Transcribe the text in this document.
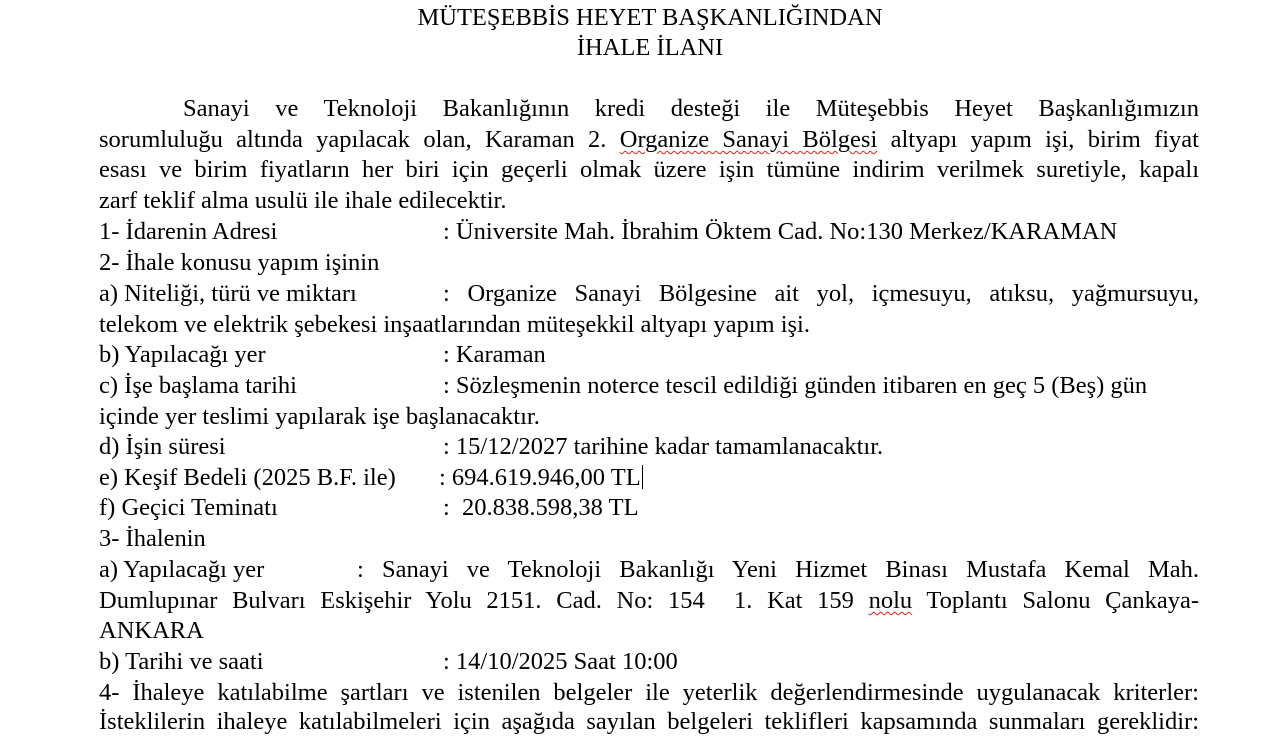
MÜTEŞEBBİS HEYET BAŞKANLIĞINDAN
İHALE İLANI
Sanayi ve Teknoloji Bakanlığının kredi desteği ile Müteşebbis Heyet Başkanlığımızın
sorumluluğu altında yapılacak olan, Karaman 2. Organize Sanayi Bölgesi altyapı yapım işi, birim fiyat
esası ve birim fiyatların her biri için geçerli olmak üzere işin tümüne indirim verilmek suretiyle, kapalı
zarf teklif alma usulü ile ihale edilecektir.
1- İdarenin Adresi	: Üniversite Mah. İbrahim Öktem Cad. No:130 Merkez/KARAMAN
2- İhale konusu yapım işinin
a) Niteliği, türü ve miktarı	: Organize Sanayi Bölgesine ait yol, içmesuyu, atıksu, yağmursuyu,
telekom ve elektrik şebekesi inşaatlarından müteşekkil altyapı yapım işi.
b) Yapılacağı yer	: Karaman
c) İşe başlama tarihi	: Sözleşmenin noterce tescil edildiği günden itibaren en geç 5 (Beş) gün
içinde yer teslimi yapılarak işe başlanacaktır.
d) İşin süresi	: 15/12/2027 tarihine kadar tamamlanacaktır.
e) Keşif Bedeli (2025 B.F. ile) : 694.619.946,00 TL
f) Geçici Teminatı	:  20.838.598,38 TL
3- İhalenin
a) Yapılacağı yer	: Sanayi ve Teknoloji Bakanlığı Yeni Hizmet Binası Mustafa Kemal Mah.
Dumlupınar Bulvarı Eskişehir Yolu 2151. Cad. No: 154  1. Kat 159 nolu Toplantı Salonu Çankaya-
ANKARA
b) Tarihi ve saati	: 14/10/2025 Saat 10:00
4- İhaleye katılabilme şartları ve istenilen belgeler ile yeterlik değerlendirmesinde uygulanacak kriterler:
İsteklilerin ihaleye katılabilmeleri için aşağıda sayılan belgeleri teklifleri kapsamında sunmaları gereklidir:
